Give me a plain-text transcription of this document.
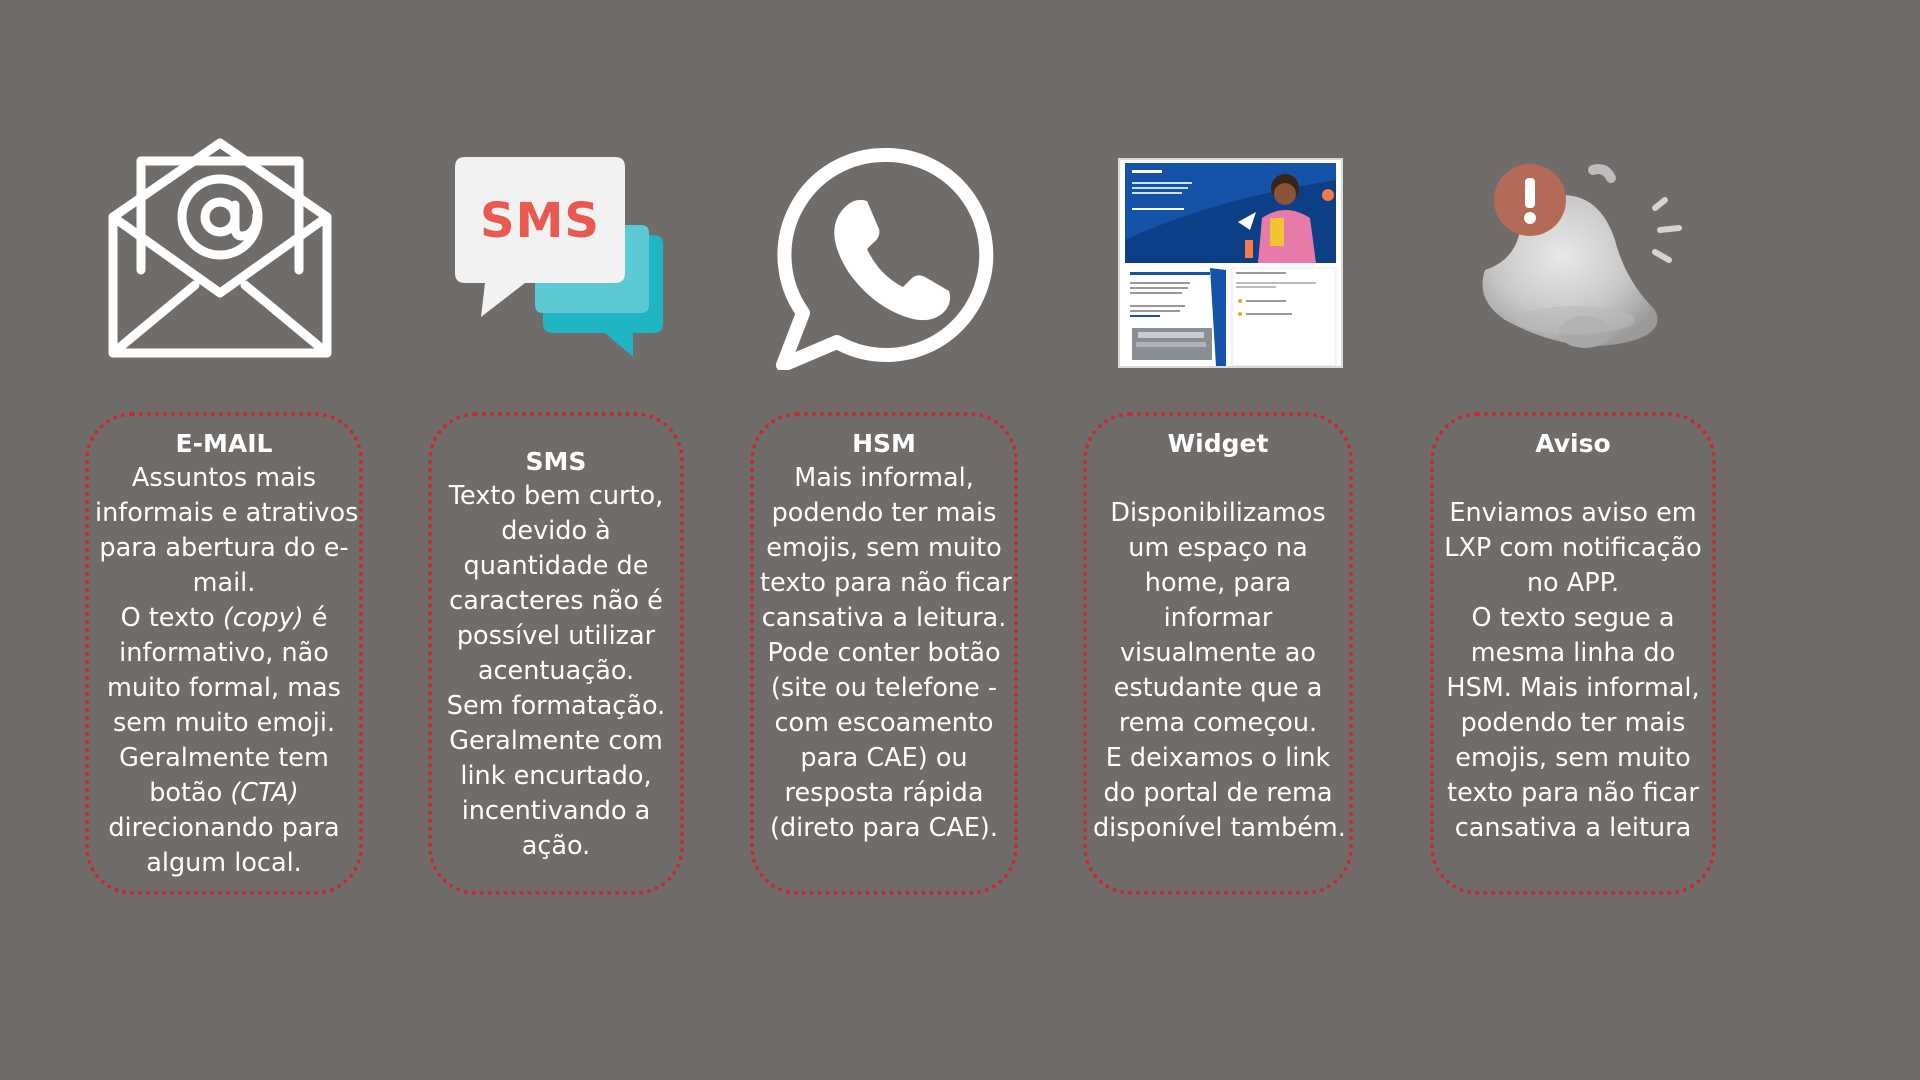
SMS
E-MAIL
Assuntos mais
informais e atrativos
para abertura do e-
mail.
O texto (copy) é
informativo, não
muito formal, mas
sem muito emoji.
Geralmente tem
botão (CTA)
direcionando para
algum local.
SMS
Texto bem curto,
devido à
quantidade de
caracteres não é
possível utilizar
acentuação.
Sem formatação.
Geralmente com
link encurtado,
incentivando a
ação.
HSM
Mais informal,
podendo ter mais
emojis, sem muito
texto para não ficar
cansativa a leitura.
Pode conter botão
(site ou telefone -
com escoamento
para CAE) ou
resposta rápida
(direto para CAE).
Widget
Disponibilizamos
um espaço na
home, para
informar
visualmente ao
estudante que a
rema começou.
E deixamos o link
do portal de rema
disponível também.
Aviso
Enviamos aviso em
LXP com notificação
no APP.
O texto segue a
mesma linha do
HSM. Mais informal,
podendo ter mais
emojis, sem muito
texto para não ficar
cansativa a leitura
